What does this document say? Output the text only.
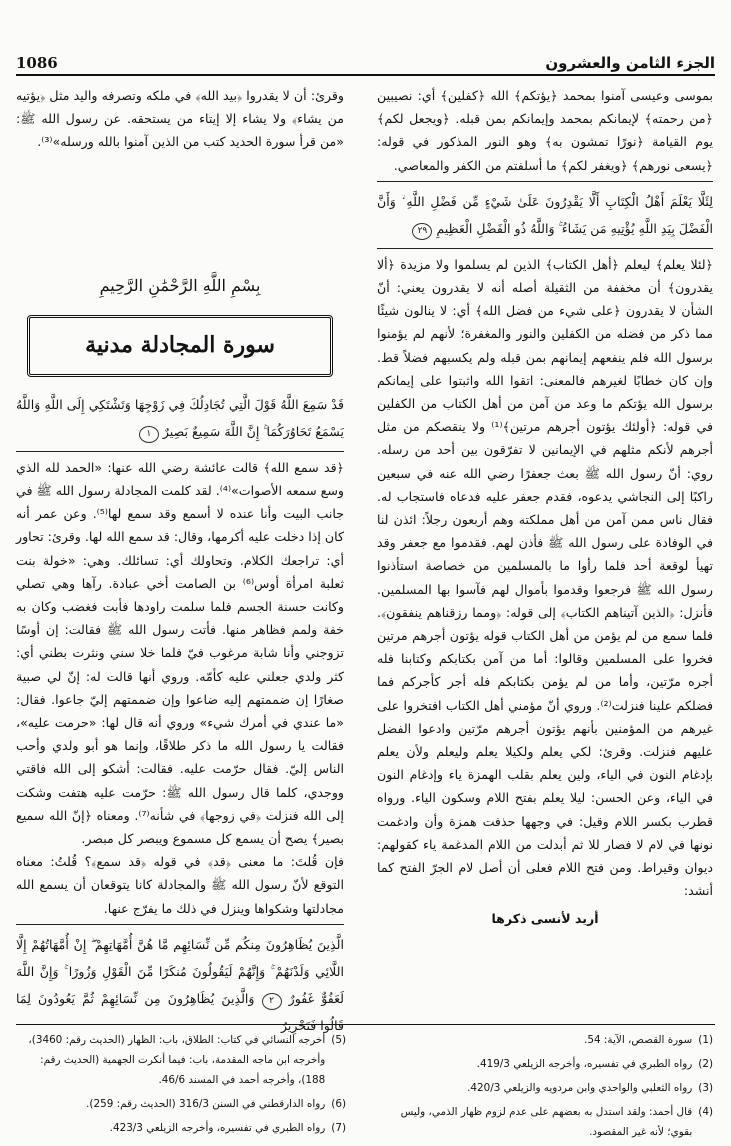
الجزء الثامن والعشرون
1086

بموسى وعيسى آمنوا بمحمد ﴿يؤتكم﴾ الله ﴿كفلين﴾ أي: نصيبين ﴿من رحمته﴾ لإيمانكم بمحمد وإيمانكم بمن قبله. ﴿ويجعل لكم﴾ يوم القيامة ﴿نورًا تمشون به﴾ وهو النور المذكور في قوله: ﴿يسعى نورهم﴾ ﴿ويغفر لكم﴾ ما أسلفتم من الكفر والمعاصي.

لِئَلَّا يَعْلَمَ أَهْلُ الْكِتَابِ أَلَّا يَقْدِرُونَ عَلَىٰ شَيْءٍ مِّن فَضْلِ اللَّهِ ۙ وَأَنَّ الْفَضْلَ بِيَدِ اللَّهِ يُؤْتِيهِ مَن يَشَاءُ ۚ وَاللَّهُ ذُو الْفَضْلِ الْعَظِيمِ ٢٩

﴿لئلا يعلم﴾ ليعلم ﴿أهل الكتاب﴾ الذين لم يسلموا ولا مزيدة ﴿ألا يقدرون﴾ أن مخففة من الثقيلة أصله أنه لا يقدرون يعني: أنّ الشأن لا يقدرون ﴿على شيء من فضل الله﴾ أي: لا ينالون شيئًا مما ذكر من فضله من الكفلين والنور والمغفرة؛ لأنهم لم يؤمنوا برسول الله فلم ينفعهم إيمانهم بمن قبله ولم يكسبهم فضلاً قط. وإن كان خطابًا لغيرهم فالمعنى: اتقوا الله واثبتوا على إيمانكم برسول الله يؤتكم ما وعد من آمن من أهل الكتاب من الكفلين في قوله: ﴿أولئك يؤتون أجرهم مرتين﴾⁽¹⁾ ولا ينقصكم من مثل أجرهم لأنكم مثلهم في الإيمانين لا تفرّقون بين أحد من رسله. روي: أنّ رسول الله ﷺ بعث جعفرًا رضي الله عنه في سبعين راكبًا إلى النجاشي يدعوه، فقدم جعفر عليه فدعاه فاستجاب له. فقال ناس ممن آمن من أهل مملكته وهم أربعون رجلاً: ائذن لنا في الوفادة على رسول الله ﷺ فأذن لهم. فقدموا مع جعفر وقد تهيأ لوقعة أحد فلما رأوا ما بالمسلمين من خصاصة استأذنوا رسول الله ﷺ فرجعوا وقدموا بأموال لهم فآسوا بها المسلمين. فأنزل: ﴿الذين آتيناهم الكتاب﴾ إلى قوله: ﴿ومما رزقناهم ينفقون﴾. فلما سمع من لم يؤمن من أهل الكتاب قوله يؤتون أجرهم مرتين فخروا على المسلمين وقالوا: أما من آمن بكتابكم وكتابنا فله أجره مرّتين، وأما من لم يؤمن بكتابكم فله أجر كأجركم فما فضلكم علينا فنزلت⁽²⁾. وروي أنّ مؤمني أهل الكتاب افتخروا على غيرهم من المؤمنين بأنهم يؤتون أجرهم مرّتين وادعوا الفضل عليهم فنزلت. وقرئ: لكي يعلم ولكيلا يعلم وليعلم ولأن يعلم بإدغام النون في الياء، ولين يعلم بقلب الهمزة ياء وإدغام النون في الياء، وعن الحسن: ليلا يعلم بفتح اللام وسكون الياء. ورواه قطرب بكسر اللام وقيل: في وجهها حذفت همزة وأن وادغمت نونها في لام لا فصار للا ثم أبدلت من اللام المدغمة ياء كقولهم: ديوان وقيراط. ومن فتح اللام فعلى أن أصل لام الجرّ الفتح كما أنشد:

أريد لأنسى ذكرها

وقرئ: أن لا يقدروا ﴿بيد الله﴾ في ملكه وتصرفه واليد مثل ﴿يؤتيه من يشاء﴾ ولا يشاء إلا إيتاء من يستحقه. عن رسول الله ﷺ: «من قرأ سورة الحديد كتب من الذين آمنوا بالله ورسله»⁽³⁾.

بِسْمِ اللَّهِ الرَّحْمَٰنِ الرَّحِيمِ
سورة المجادلة مدنية
قَدْ سَمِعَ اللَّهُ قَوْلَ الَّتِي تُجَادِلُكَ فِي زَوْجِهَا وَتَشْتَكِي إِلَى اللَّهِ وَاللَّهُ يَسْمَعُ تَحَاوُرَكُمَا ۚ إِنَّ اللَّهَ سَمِيعٌ بَصِيرٌ ١

﴿قد سمع الله﴾ قالت عائشة رضي الله عنها: «الحمد لله الذي وسع سمعه الأصوات»⁽⁴⁾. لقد كلمت المجادلة رسول الله ﷺ في جانب البيت وأنا عنده لا أسمع وقد سمع لها⁽⁵⁾. وعن عمر أنه كان إذا دخلت عليه أكرمها، وقال: قد سمع الله لها. وقرئ: تحاور أي: تراجعك الكلام. وتحاولك أي: تسائلك. وهي: «خولة بنت ثعلبة امرأة أوس⁽⁶⁾ بن الصامت أخي عبادة. رآها وهي تصلي وكانت حسنة الجسم فلما سلمت راودها فأبت فغضب وكان به خفة ولمم فظاهر منها. فأتت رسول الله ﷺ فقالت: إن أوسًا تزوجني وأنا شابة مرغوب فيّ فلما خلا سني ونثرت بطني أي: كثر ولدي جعلني عليه كأمّه. وروي أنها قالت له: إنّ لي صبية صغارًا إن ضممتهم إليه ضاعوا وإن ضممتهم إليّ جاعوا. فقال: «ما عندي في أمرك شيء» وروي أنه قال لها: «حرمت عليه»، فقالت يا رسول الله ما ذكر طلاقًا، وإنما هو أبو ولدي وأحب الناس إليّ. فقال حرّمت عليه. فقالت: أشكو إلى الله فاقتي ووجدي، كلما قال رسول الله ﷺ: حرّمت عليه هتفت وشكت إلى الله فنزلت ﴿في زوجها﴾ في شأنه⁽⁷⁾. ومعناه ﴿إنّ الله سميع بصير﴾ يصح أن يسمع كل مسموع ويبصر كل مبصر.

فإن قُلتَ: ما معنى ﴿قد﴾ في قوله ﴿قد سمع﴾؟ قُلتُ: معناه التوقع لأنّ رسول الله ﷺ والمجادلة كانا يتوقعان أن يسمع الله مجادلتها وشكواها وينزل في ذلك ما يفرّج عنها.

الَّذِينَ يُظَاهِرُونَ مِنكُم مِّن نِّسَائِهِم مَّا هُنَّ أُمَّهَاتِهِمْ ۖ إِنْ أُمَّهَاتُهُمْ إِلَّا اللَّائِي وَلَدْنَهُمْ ۚ وَإِنَّهُمْ لَيَقُولُونَ مُنكَرًا مِّنَ الْقَوْلِ وَزُورًا ۚ وَإِنَّ اللَّهَ لَعَفُوٌّ غَفُورٌ ٢ وَالَّذِينَ يُظَاهِرُونَ مِن نِّسَائِهِمْ ثُمَّ يَعُودُونَ لِمَا قَالُوا فَتَحْرِيرُ
(1)
سورة القصص، الآية: 54.
(2)
رواه الطبري في تفسيره، وأخرجه الزيلعي 419/3.
(3)
رواه الثعلبي والواحدي وابن مردويه والزيلعي 420/3.
(4)
قال أحمد: ولقد استدل به بعضهم على عدم لزوم ظهار الذمي، وليس بقوي؛ لأنه غير المقصود.
(5)
أخرجه النسائي في كتاب: الطلاق، باب: الظهار (الحديث رقم: 3460)، وأخرجه ابن ماجه المقدمة، باب: فيما أنكرت الجهمية (الحديث رقم: 188)، وأخرجه أحمد في المسند 46/6.
(6)
رواه الدارقطني في السنن 316/3 (الحديث رقم: 259).
(7)
رواه الطبري في تفسيره، وأخرجه الزيلعي 423/3.
